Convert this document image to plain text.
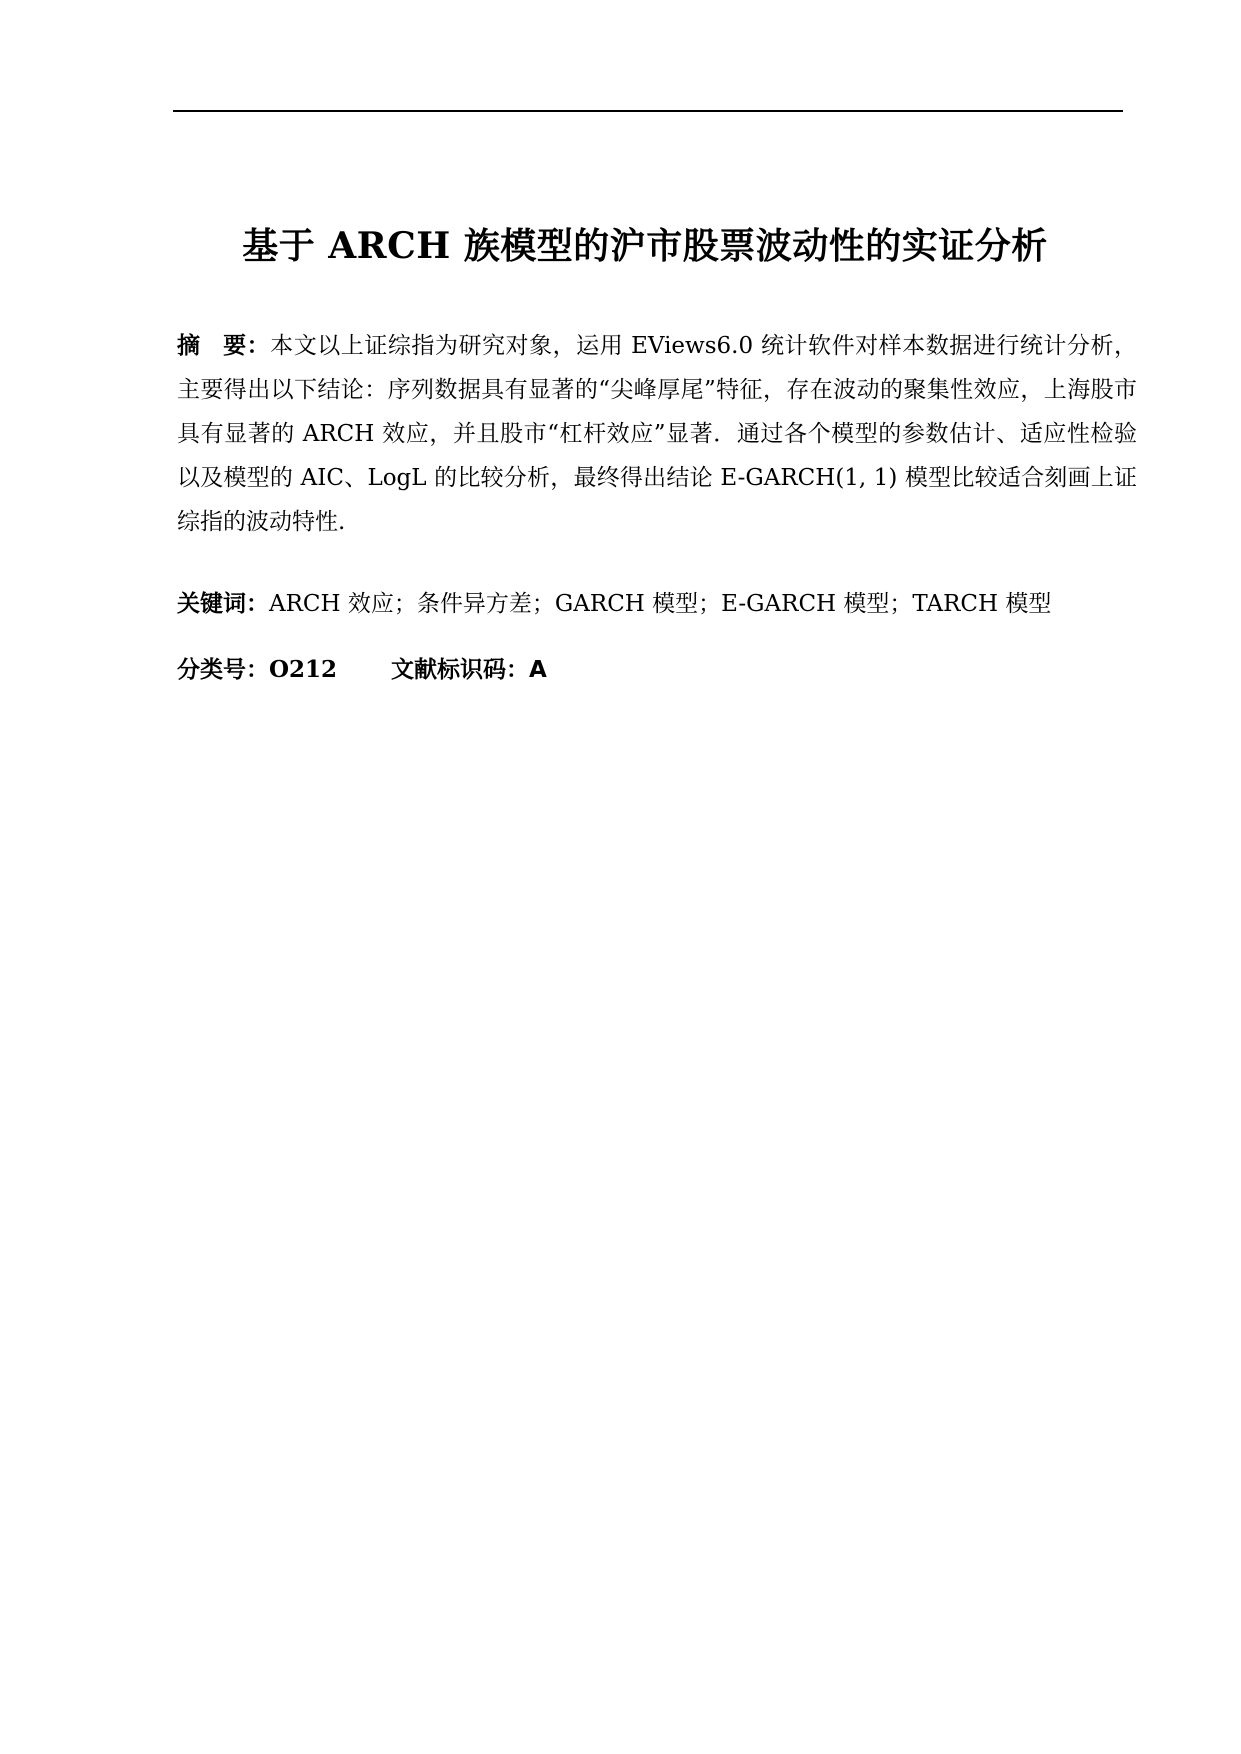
基于 ARCH 族模型的沪市股票波动性的实证分析

摘 要：本文以上证综指为研究对象，运用 EViews6.0 统计软件对样本数据进行统计分析，主要得出以下结论：序列数据具有显著的“尖峰厚尾”特征，存在波动的聚集性效应，上海股市具有显著的 ARCH 效应，并且股市“杠杆效应”显著．通过各个模型的参数估计、适应性检验以及模型的 AIC、LogL 的比较分析，最终得出结论 E-GARCH(1, 1) 模型比较适合刻画上证综指的波动特性.

关键词：ARCH 效应；条件异方差；GARCH 模型；E-GARCH 模型；TARCH 模型

分类号：O212 文献标识码：A
